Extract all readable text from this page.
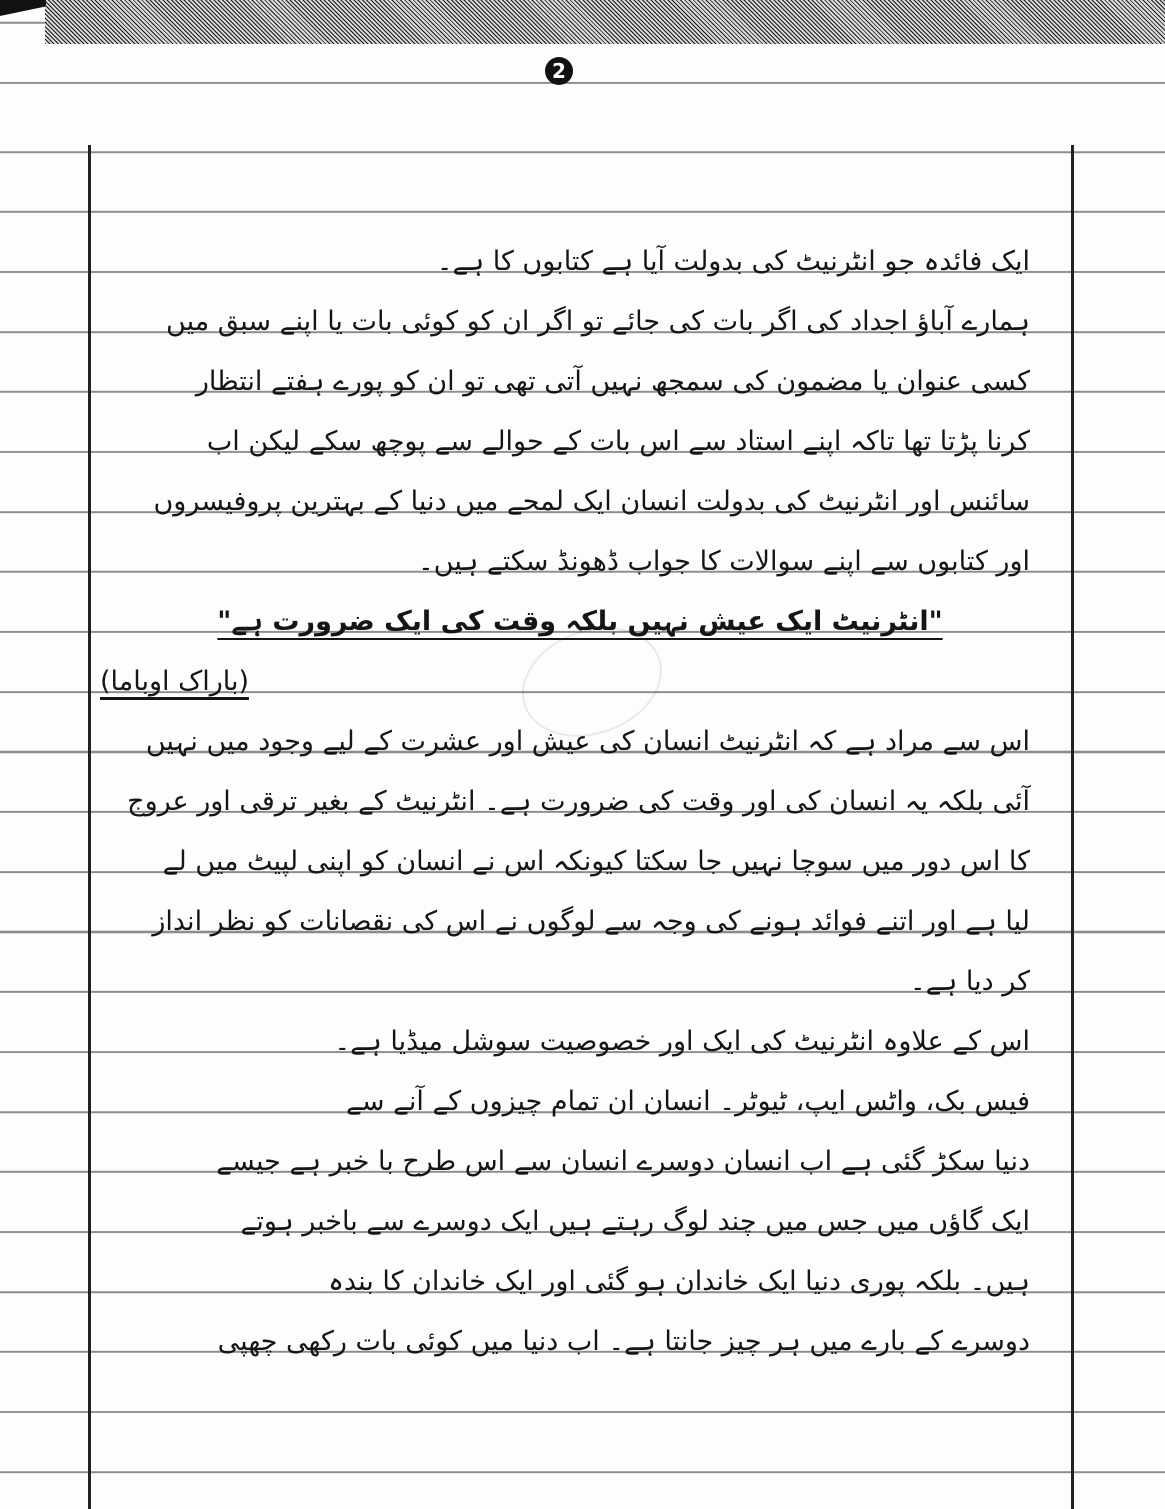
2
ایک فائدہ جو انٹرنیٹ کی بدولت آیا ہے کتابوں کا ہے۔
ہمارے آباؤ اجداد کی اگر بات کی جائے تو اگر ان کو کوئی بات یا اپنے سبق میں
کسی عنوان یا مضمون کی سمجھ نہیں آتی تھی تو ان کو پورے ہفتے انتظار
کرنا پڑتا تھا تاکہ اپنے استاد سے اس بات کے حوالے سے پوچھ سکے لیکن اب
سائنس اور انٹرنیٹ کی بدولت انسان ایک لمحے میں دنیا کے بہترین پروفیسروں
اور کتابوں سے اپنے سوالات کا جواب ڈھونڈ سکتے ہیں۔
"انٹرنیٹ ایک عیش نہیں بلکہ وقت کی ایک ضرورت ہے"
(باراک اوباما)
اس سے مراد ہے کہ انٹرنیٹ انسان کی عیش اور عشرت کے لیے وجود میں نہیں
آئی بلکہ یہ انسان کی اور وقت کی ضرورت ہے۔ انٹرنیٹ کے بغیر ترقی اور عروج
کا اس دور میں سوچا نہیں جا سکتا کیونکہ اس نے انسان کو اپنی لپیٹ میں لے
لیا ہے اور اتنے فوائد ہونے کی وجہ سے لوگوں نے اس کی نقصانات کو نظر انداز
کر دیا ہے۔
اس کے علاوہ انٹرنیٹ کی ایک اور خصوصیت سوشل میڈیا ہے۔
فیس بک، واٹس ایپ، ٹیوٹر۔ انسان ان تمام چیزوں کے آنے سے
دنیا سکڑ گئی ہے اب انسان دوسرے انسان سے اس طرح با خبر ہے جیسے
ایک گاؤں میں جس میں چند لوگ رہتے ہیں ایک دوسرے سے باخبر ہوتے
ہیں۔ بلکہ پوری دنیا ایک خاندان ہو گئی اور ایک خاندان کا بندہ
دوسرے کے بارے میں ہر چیز جانتا ہے۔ اب دنیا میں کوئی بات رکھی چھپی
